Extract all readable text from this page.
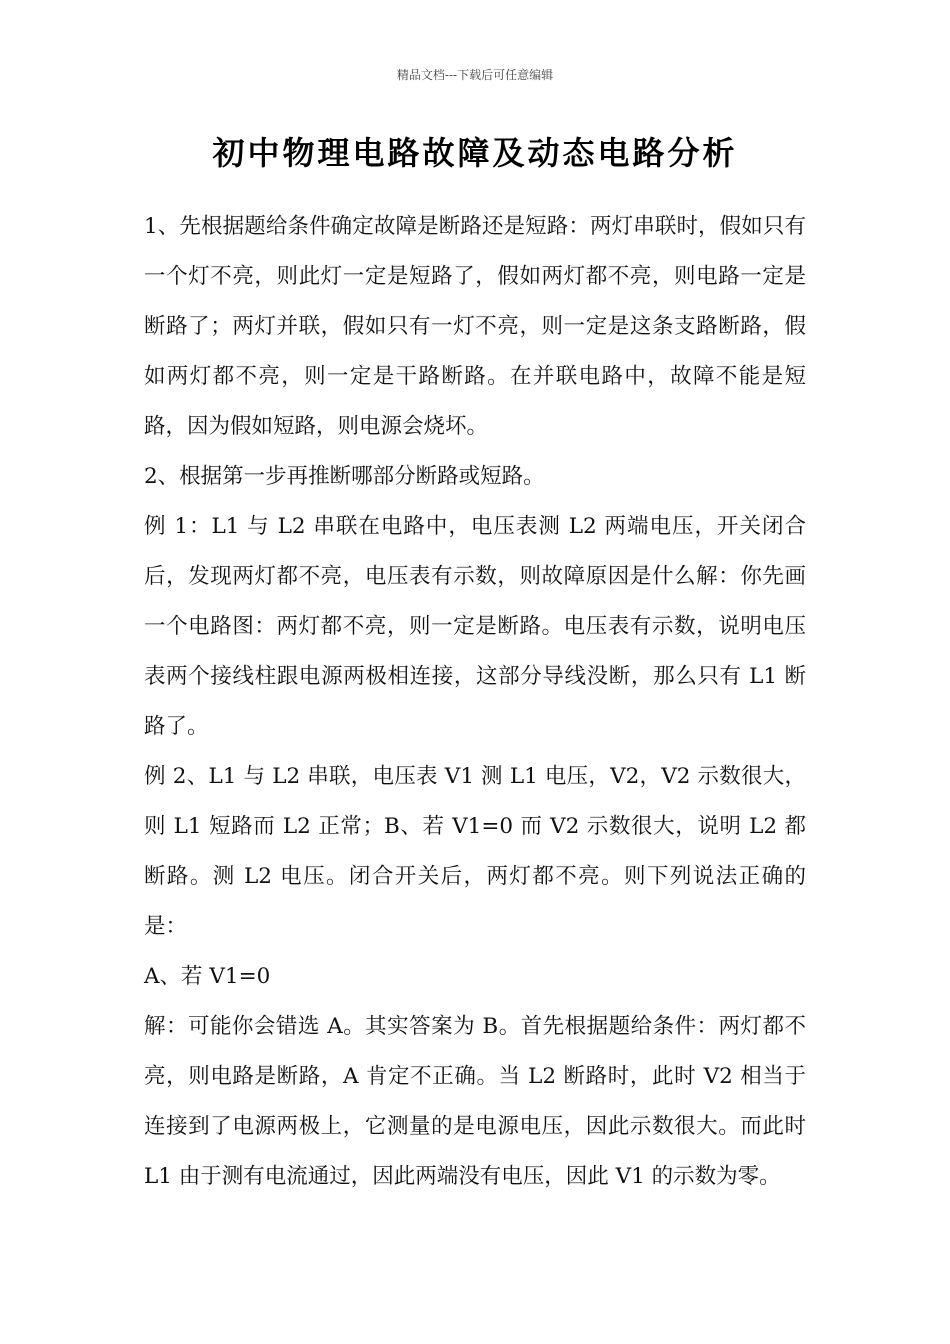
精品文档---下载后可任意编辑
初中物理电路故障及动态电路分析

1、先根据题给条件确定故障是断路还是短路：两灯串联时，假如只有一个灯不亮，则此灯一定是短路了，假如两灯都不亮，则电路一定是断路了；两灯并联，假如只有一灯不亮，则一定是这条支路断路，假如两灯都不亮，则一定是干路断路。在并联电路中，故障不能是短路，因为假如短路，则电源会烧坏。

2、根据第一步再推断哪部分断路或短路。

例 1：L1 与 L2 串联在电路中，电压表测 L2 两端电压，开关闭合后，发现两灯都不亮，电压表有示数，则故障原因是什么解：你先画一个电路图：两灯都不亮，则一定是断路。电压表有示数，说明电压表两个接线柱跟电源两极相连接，这部分导线没断，那么只有 L1 断路了。

例 2、L1 与 L2 串联，电压表 V1 测 L1 电压，V2，V2 示数很大，则 L1 短路而 L2 正常；B、若 V1=0 而 V2 示数很大，说明 L2 都断路。测 L2 电压。闭合开关后，两灯都不亮。则下列说法正确的是：

A、若 V1=0

解：可能你会错选 A。其实答案为 B。首先根据题给条件：两灯都不亮，则电路是断路，A 肯定不正确。当 L2 断路时，此时 V2 相当于连接到了电源两极上，它测量的是电源电压，因此示数很大。而此时 L1 由于测有电流通过，因此两端没有电压，因此 V1 的示数为零。
